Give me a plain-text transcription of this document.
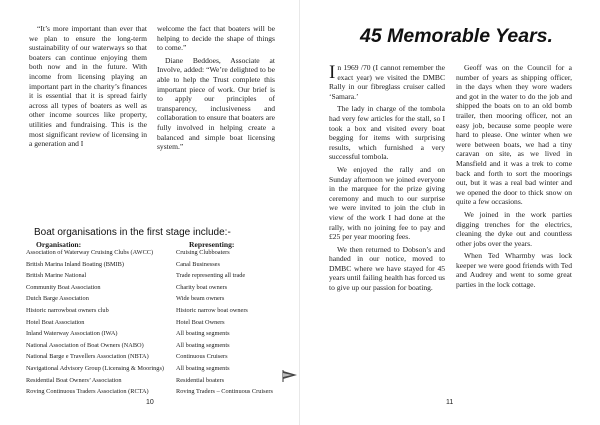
“It’s more important than ever that we plan to ensure the long-term sustainability of our waterways so that boaters can continue enjoying them both now and in the future. With income from licensing playing an important part in the charity’s finances it is essential that it is spread fairly across all types of boaters as well as other income sources like property, utilities and fundraising. This is the most significant review of licensing in a generation and I

welcome the fact that boaters will be helping to decide the shape of things to come.”

Diane Beddoes, Associate at Involve, added: “We’re delighted to be able to help the Trust complete this important piece of work. Our brief is to apply our principles of transparency, inclusiveness and collaboration to ensure that boaters are fully involved in helping create a balanced and simple boat licensing system.”

Boat organisations in the first stage include:-
Organisation:	Representing:
Association of Waterway Cruising Clubs (AWCC)	Cruising Clubboaters
British Marina Inland Boating (BMIB)	Canal Businesses
British Marine National	Trade representing all trade
Community Boat Association	Charity boat owners
Dutch Barge Association	Wide beam owners
Historic narrowboat owners club	Historic narrow boat owners
Hotel Boat Association	Hotel Boat Owners
Inland Waterway Association (IWA)	All boating segments
National Association of Boat Owners (NABO)	All boating segments
National Barge e Travellers Association (NBTA)	Continuous Cruisers
Navigational Advisory Group (Licensing & Moorings)	All boating segments
Residential Boat Owners’ Association	Residential boaters
Roving Continuous Traders Association (RCTA)	Roving Traders – Continuous Cruisers
10
45 Memorable Years.

In 1969 /70 (I cannot remember the exact year) we visited the DMBC Rally in our fibreglass cruiser called ‘Samara.’

The lady in charge of the tombola had very few articles for the stall, so I took a box and visited every boat begging for items with surprising results, which furnished a very successful tombola.

We enjoyed the rally and on Sunday afternoon we joined everyone in the marquee for the prize giving ceremony and much to our surprise we were invited to join the club in view of the work I had done at the rally, with no joining fee to pay and £25 per year mooring fees.

We then returned to Dobson’s and handed in our notice, moved to DMBC where we have stayed for 45 years until failing health has forced us to give up our passion for boating.

Geoff was on the Council for a number of years as shipping officer, in the days when they wore waders and got in the water to do the job and shipped the boats on to an old bomb trailer, then mooring officer, not an easy job, because some people were hard to please. One winter when we were between boats, we had a tiny caravan on site, as we lived in Mansfield and it was a trek to come back and forth to sort the moorings out, but it was a real bad winter and we opened the door to thick snow on quite a few occasions.

We joined in the work parties digging trenches for the electrics, cleaning the dyke out and countless other jobs over the years.

When Ted Wharmby was lock keeper we were good friends with Ted and Audrey and went to some great parties in the lock cottage.

11
